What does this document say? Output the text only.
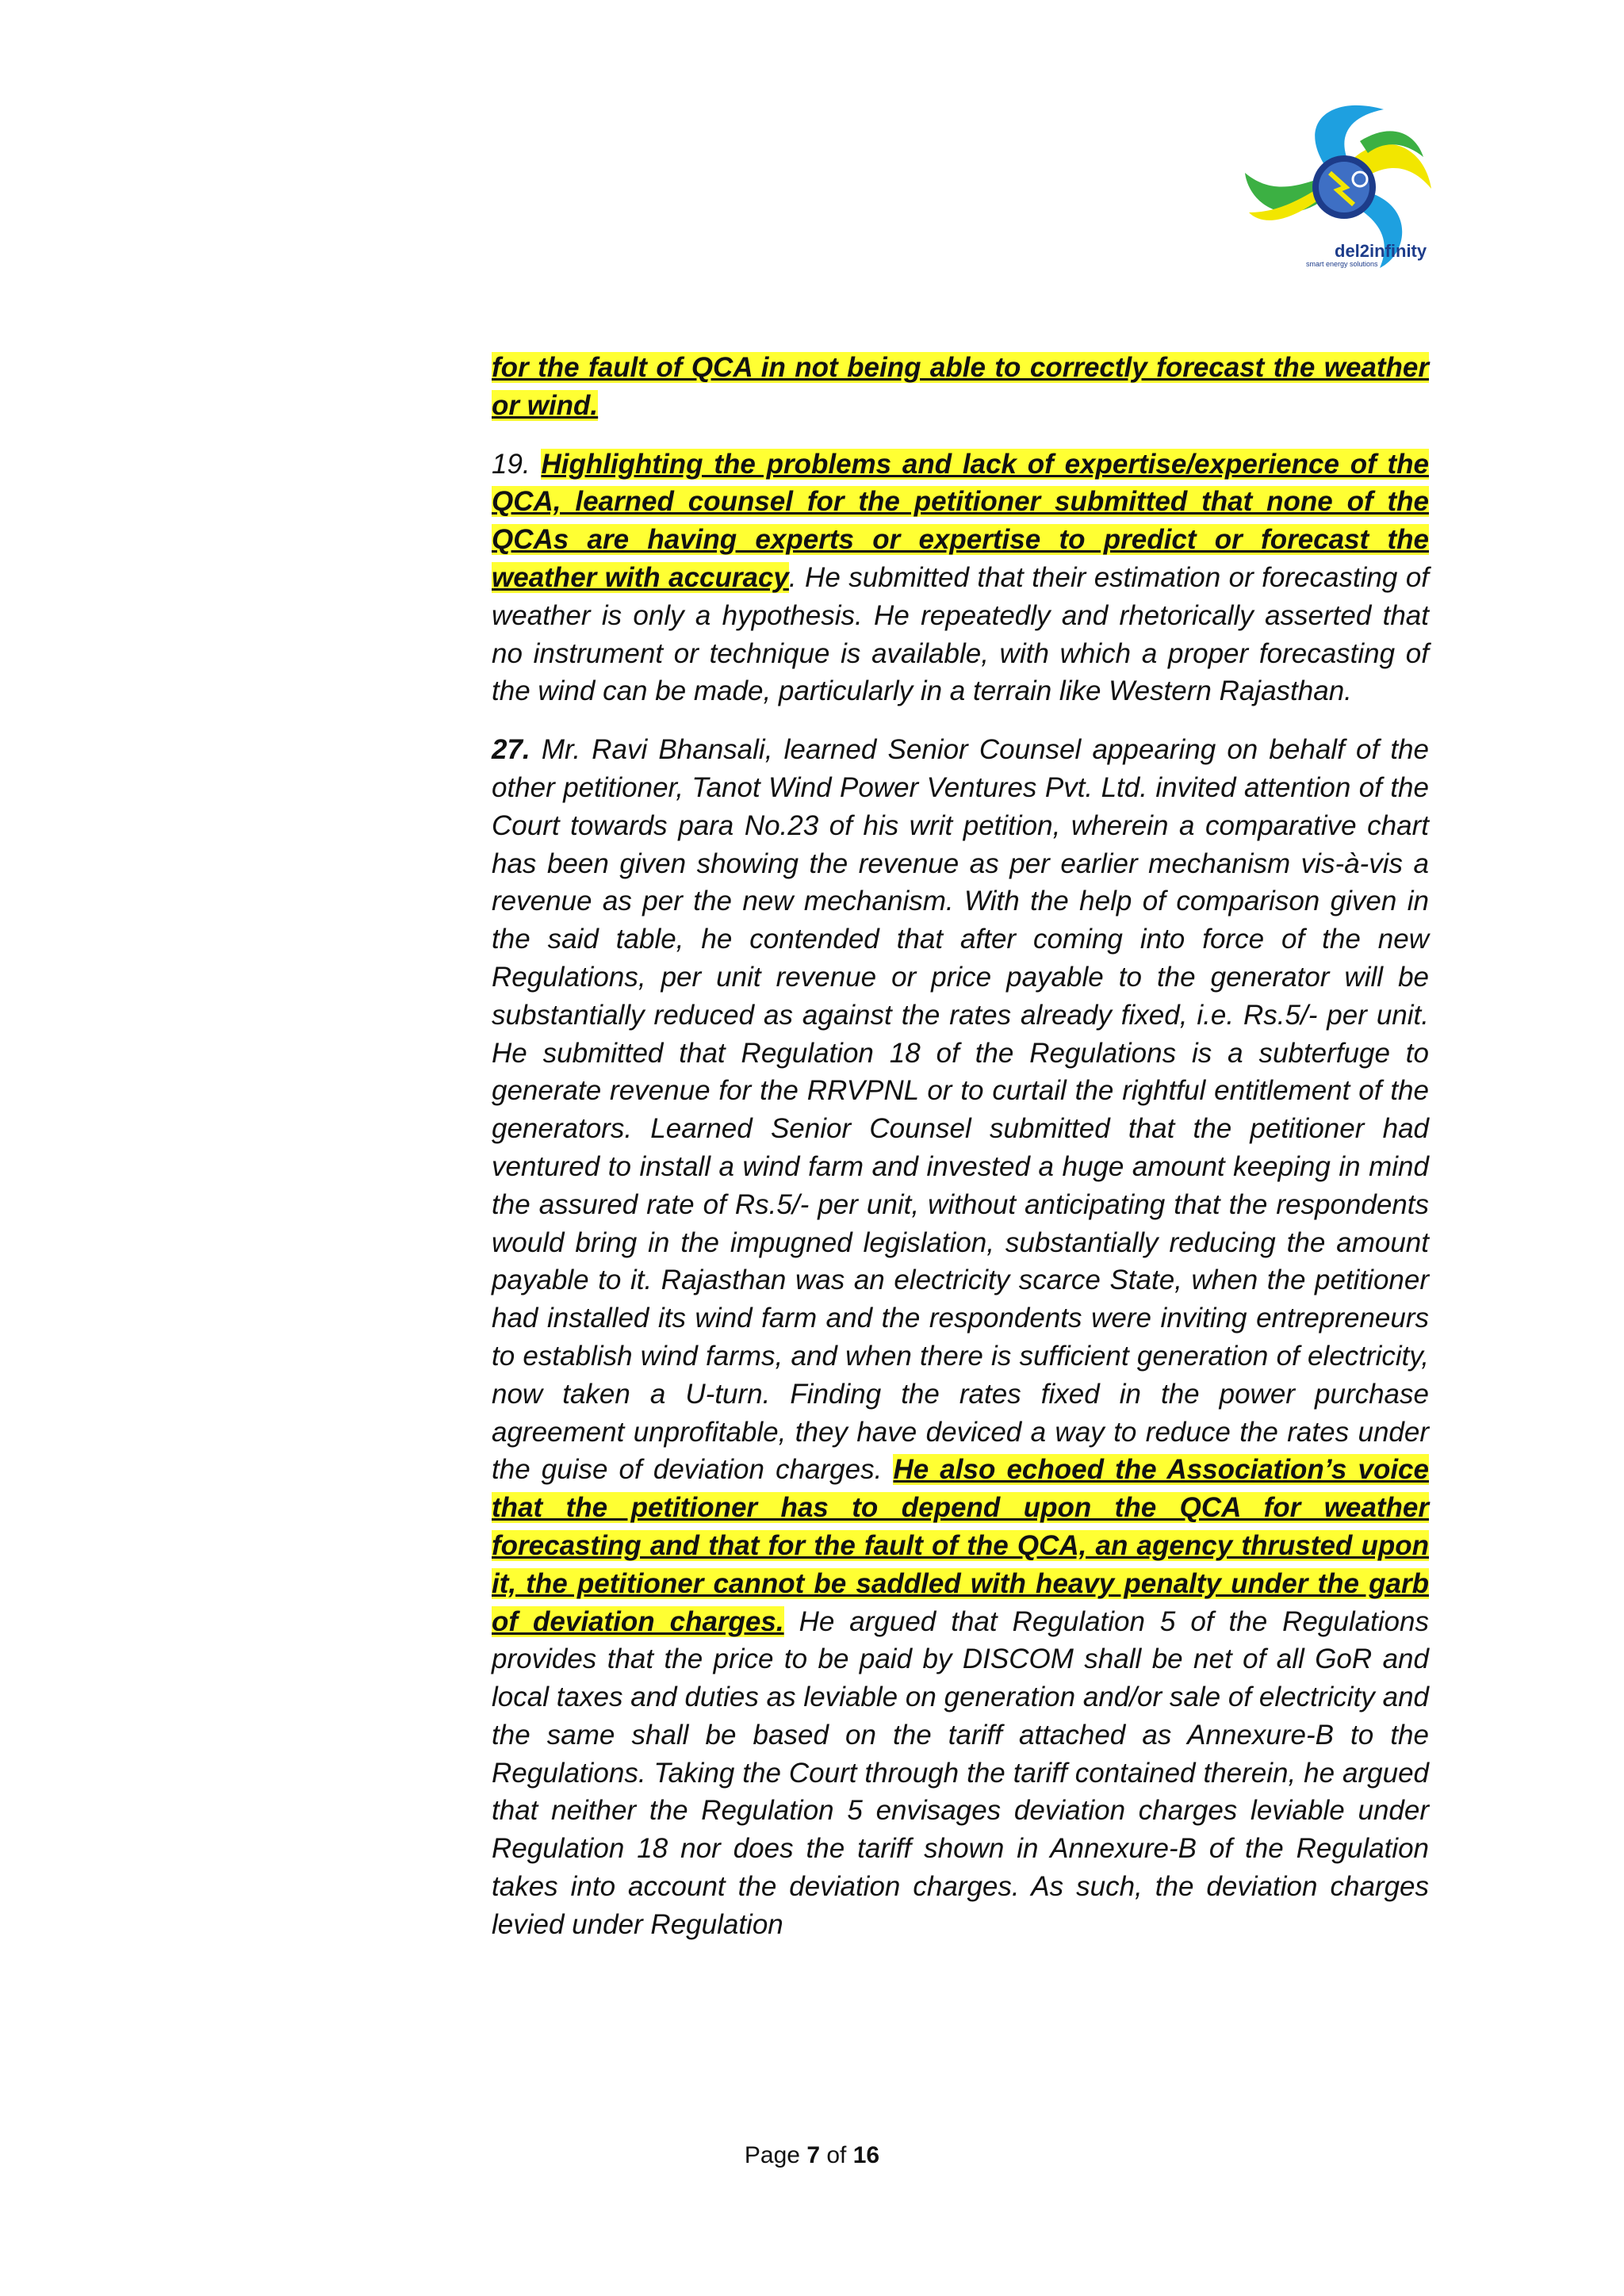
del2infinity
smart energy solutions

for the fault of QCA in not being able to correctly forecast the weather or wind.

19. Highlighting the problems and lack of expertise/experience of the QCA, learned counsel for the petitioner submitted that none of the QCAs are having experts or expertise to predict or forecast the weather with accuracy. He submitted that their estimation or forecasting of weather is only a hypothesis. He repeatedly and rhetorically asserted that no instrument or technique is available, with which a proper forecasting of the wind can be made, particularly in a terrain like Western Rajasthan.

27. Mr. Ravi Bhansali, learned Senior Counsel appearing on behalf of the other petitioner, Tanot Wind Power Ventures Pvt. Ltd. invited attention of the Court towards para No.23 of his writ petition, wherein a comparative chart has been given showing the revenue as per earlier mechanism vis-à-vis a revenue as per the new mechanism. With the help of comparison given in the said table, he contended that after coming into force of the new Regulations, per unit revenue or price payable to the generator will be substantially reduced as against the rates already fixed, i.e. Rs.5/- per unit. He submitted that Regulation 18 of the Regulations is a subterfuge to generate revenue for the RRVPNL or to curtail the rightful entitlement of the generators. Learned Senior Counsel submitted that the petitioner had ventured to install a wind farm and invested a huge amount keeping in mind the assured rate of Rs.5/- per unit, without anticipating that the respondents would bring in the impugned legislation, substantially reducing the amount payable to it. Rajasthan was an electricity scarce State, when the petitioner had installed its wind farm and the respondents were inviting entrepreneurs to establish wind farms, and when there is sufficient generation of electricity, now taken a U-turn. Finding the rates fixed in the power purchase agreement unprofitable, they have deviced a way to reduce the rates under the guise of deviation charges. He also echoed the Association’s voice that the petitioner has to depend upon the QCA for weather forecasting and that for the fault of the QCA, an agency thrusted upon it, the petitioner cannot be saddled with heavy penalty under the garb of deviation charges. He argued that Regulation 5 of the Regulations provides that the price to be paid by DISCOM shall be net of all GoR and local taxes and duties as leviable on generation and/or sale of electricity and the same shall be based on the tariff attached as Annexure-B to the Regulations. Taking the Court through the tariff contained therein, he argued that neither the Regulation 5 envisages deviation charges leviable under Regulation 18 nor does the tariff shown in Annexure-B of the Regulation takes into account the deviation charges. As such, the deviation charges levied under Regulation

Page 7 of 16
